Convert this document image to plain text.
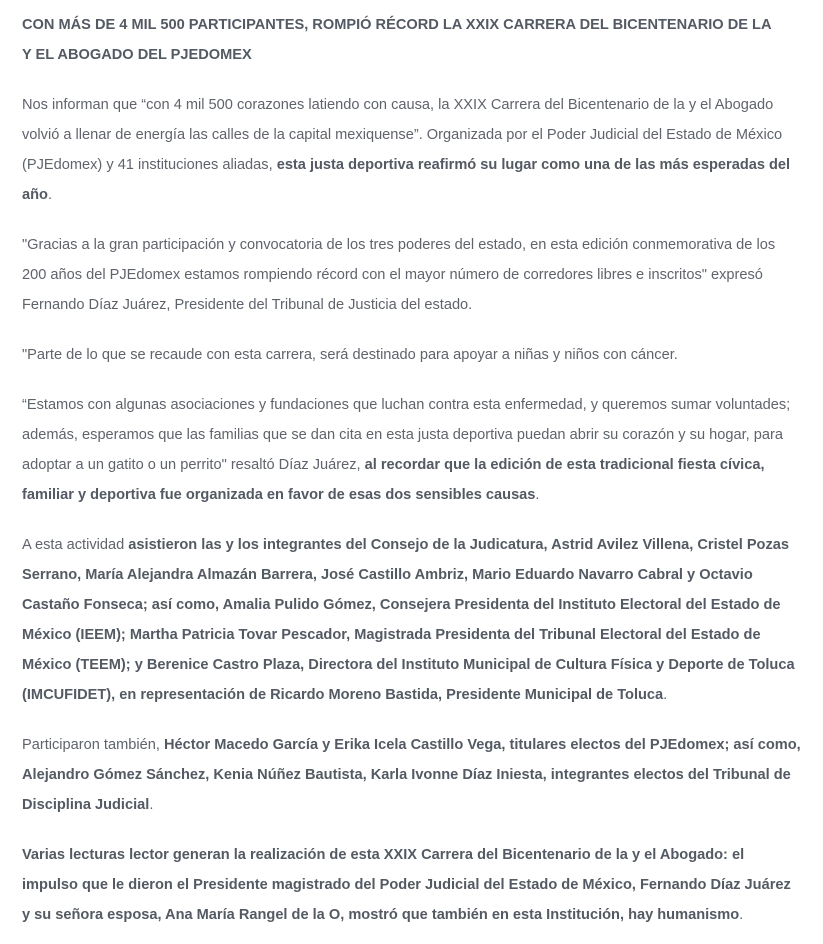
CON MÁS DE 4 MIL 500 PARTICIPANTES, ROMPIÓ RÉCORD LA XXIX CARRERA DEL BICENTENARIO DE LA Y EL ABOGADO DEL PJEDOMEX

Nos informan que “con 4 mil 500 corazones latiendo con causa, la XXIX Carrera del Bicentenario de la y el Abogado volvió a llenar de energía las calles de la capital mexiquense”. Organizada por el Poder Judicial del Estado de México (PJEdomex) y 41 instituciones aliadas, esta justa deportiva reafirmó su lugar como una de las más esperadas del año.

"Gracias a la gran participación y convocatoria de los tres poderes del estado, en esta edición conmemorativa de los 200 años del PJEdomex estamos rompiendo récord con el mayor número de corredores libres e inscritos" expresó Fernando Díaz Juárez, Presidente del Tribunal de Justicia del estado.

"Parte de lo que se recaude con esta carrera, será destinado para apoyar a niñas y niños con cáncer.

“Estamos con algunas asociaciones y fundaciones que luchan contra esta enfermedad, y queremos sumar voluntades; además, esperamos que las familias que se dan cita en esta justa deportiva puedan abrir su corazón y su hogar, para adoptar a un gatito o un perrito" resaltó Díaz Juárez, al recordar que la edición de esta tradicional fiesta cívica, familiar y deportiva fue organizada en favor de esas dos sensibles causas.

A esta actividad asistieron las y los integrantes del Consejo de la Judicatura, Astrid Avilez Villena, Cristel Pozas Serrano, María Alejandra Almazán Barrera, José Castillo Ambriz, Mario Eduardo Navarro Cabral y Octavio Castaño Fonseca; así como, Amalia Pulido Gómez, Consejera Presidenta del Instituto Electoral del Estado de México (IEEM); Martha Patricia Tovar Pescador, Magistrada Presidenta del Tribunal Electoral del Estado de México (TEEM); y Berenice Castro Plaza, Directora del Instituto Municipal de Cultura Física y Deporte de Toluca (IMCUFIDET), en representación de Ricardo Moreno Bastida, Presidente Municipal de Toluca.

Participaron también, Héctor Macedo García y Erika Icela Castillo Vega, titulares electos del PJEdomex; así como, Alejandro Gómez Sánchez, Kenia Núñez Bautista, Karla Ivonne Díaz Iniesta, integrantes electos del Tribunal de Disciplina Judicial.

Varias lecturas lector generan la realización de esta XXIX Carrera del Bicentenario de la y el Abogado: el impulso que le dieron el Presidente magistrado del Poder Judicial del Estado de México, Fernando Díaz Juárez y su señora esposa, Ana María Rangel de la O, mostró que también en esta Institución, hay humanismo.
